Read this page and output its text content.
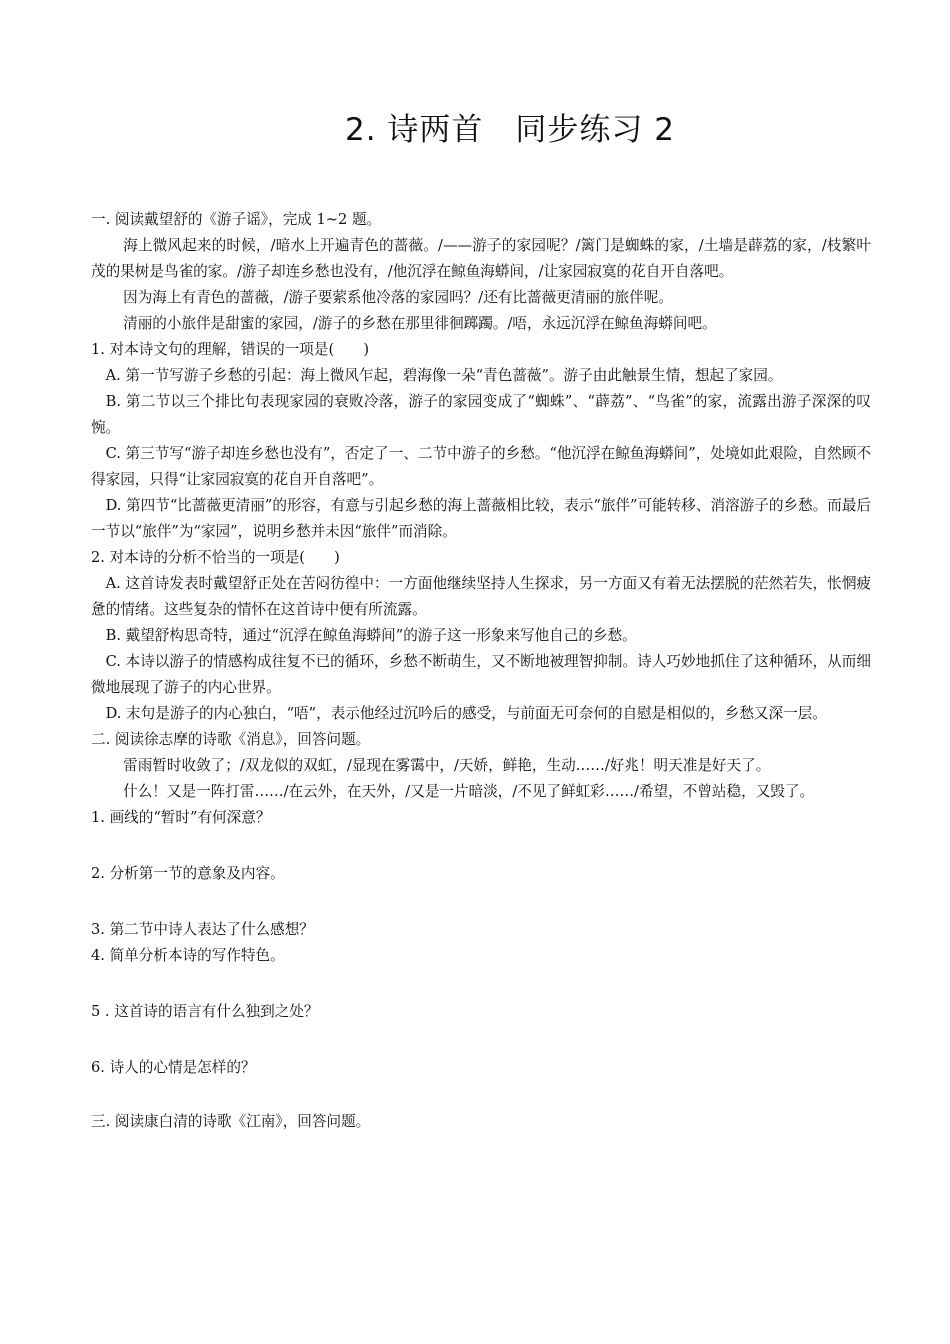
2. 诗两首　同步练习 2

一. 阅读戴望舒的《游子谣》，完成 1~2 题。

海上微风起来的时候，/暗水上开遍青色的蔷薇。/——游子的家园呢？/篱门是蜘蛛的家，/土墙是薜荔的家，/枝繁叶茂的果树是鸟雀的家。/游子却连乡愁也没有，/他沉浮在鲸鱼海蟒间，/让家园寂寞的花自开自落吧。

因为海上有青色的蔷薇，/游子要萦系他冷落的家园吗？/还有比蔷薇更清丽的旅伴呢。

清丽的小旅伴是甜蜜的家园，/游子的乡愁在那里徘徊踯躅。/唔，永远沉浮在鲸鱼海蟒间吧。

1. 对本诗文句的理解，错误的一项是(　　)

A. 第一节写游子乡愁的引起：海上微风乍起，碧海像一朵“青色蔷薇”。游子由此触景生情，想起了家园。

B. 第二节以三个排比句表现家园的衰败冷落，游子的家园变成了“蜘蛛”、“薜荔”、“鸟雀”的家，流露出游子深深的叹惋。

C. 第三节写“游子却连乡愁也没有”，否定了一、二节中游子的乡愁。“他沉浮在鲸鱼海蟒间”，处境如此艰险，自然顾不得家园，只得“让家园寂寞的花自开自落吧”。

D. 第四节“比蔷薇更清丽”的形容，有意与引起乡愁的海上蔷薇相比较，表示“旅伴”可能转移、消溶游子的乡愁。而最后一节以“旅伴”为“家园”，说明乡愁并未因“旅伴”而消除。

2. 对本诗的分析不恰当的一项是(　　)

A. 这首诗发表时戴望舒正处在苦闷彷徨中：一方面他继续坚持人生探求，另一方面又有着无法摆脱的茫然若失，怅惘疲惫的情绪。这些复杂的情怀在这首诗中便有所流露。

B. 戴望舒构思奇特，通过“沉浮在鲸鱼海蟒间”的游子这一形象来写他自己的乡愁。

C. 本诗以游子的情感构成往复不已的循环，乡愁不断萌生，又不断地被理智抑制。诗人巧妙地抓住了这种循环，从而细微地展现了游子的内心世界。

D. 末句是游子的内心独白，“唔”，表示他经过沉吟后的感受，与前面无可奈何的自慰是相似的，乡愁又深一层。

二. 阅读徐志摩的诗歌《消息》，回答问题。

雷雨暂时收敛了；/双龙似的双虹，/显现在雾霭中，/天娇，鲜艳，生动……/好兆！明天准是好天了。

什么！又是一阵打雷……/在云外，在天外，/又是一片暗淡，/不见了鲜虹彩……/希望，不曾站稳，又毁了。

1. 画线的“暂时”有何深意？

2. 分析第一节的意象及内容。

3. 第二节中诗人表达了什么感想？

4. 简单分析本诗的写作特色。

5 . 这首诗的语言有什么独到之处？

6. 诗人的心情是怎样的？

三. 阅读康白清的诗歌《江南》，回答问题。
